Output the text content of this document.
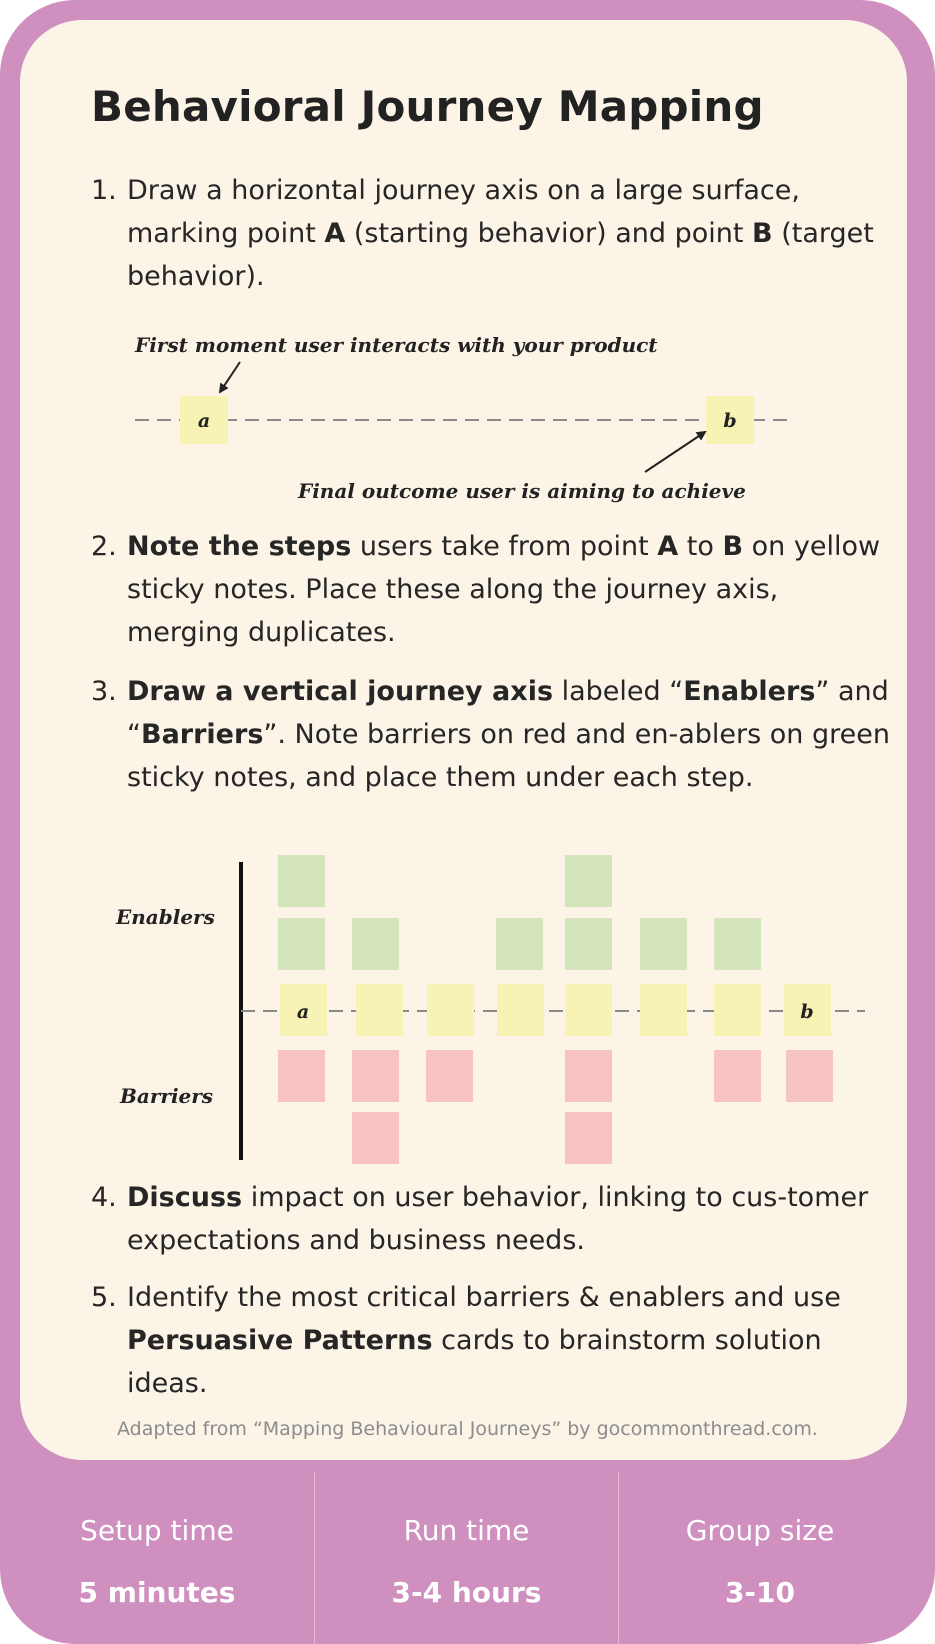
Behavioral Journey Mapping

1. Draw a horizontal journey axis on a large surface, marking point A (starting behavior) and point B (target behavior).

a	b
First moment user interacts with your product
Final outcome user is aiming to achieve
Enablers
Barriers
a	b

2. Note the steps users take from point A to B on yellow sticky notes. Place these along the journey axis, merging duplicates.

3. Draw a vertical journey axis labeled “Enablers” and “Barriers”. Note barriers on red and en-ablers on green sticky notes, and place them under each step.

4. Discuss impact on user behavior, linking to cus-tomer expectations and business needs.

5. Identify the most critical barriers & enablers and use Persuasive Patterns cards to brainstorm solution ideas.

Adapted from “Mapping Behavioural Journeys” by gocommonthread.com.
Setup time
5 minutes
Run time
3-4 hours
Group size
3-10
